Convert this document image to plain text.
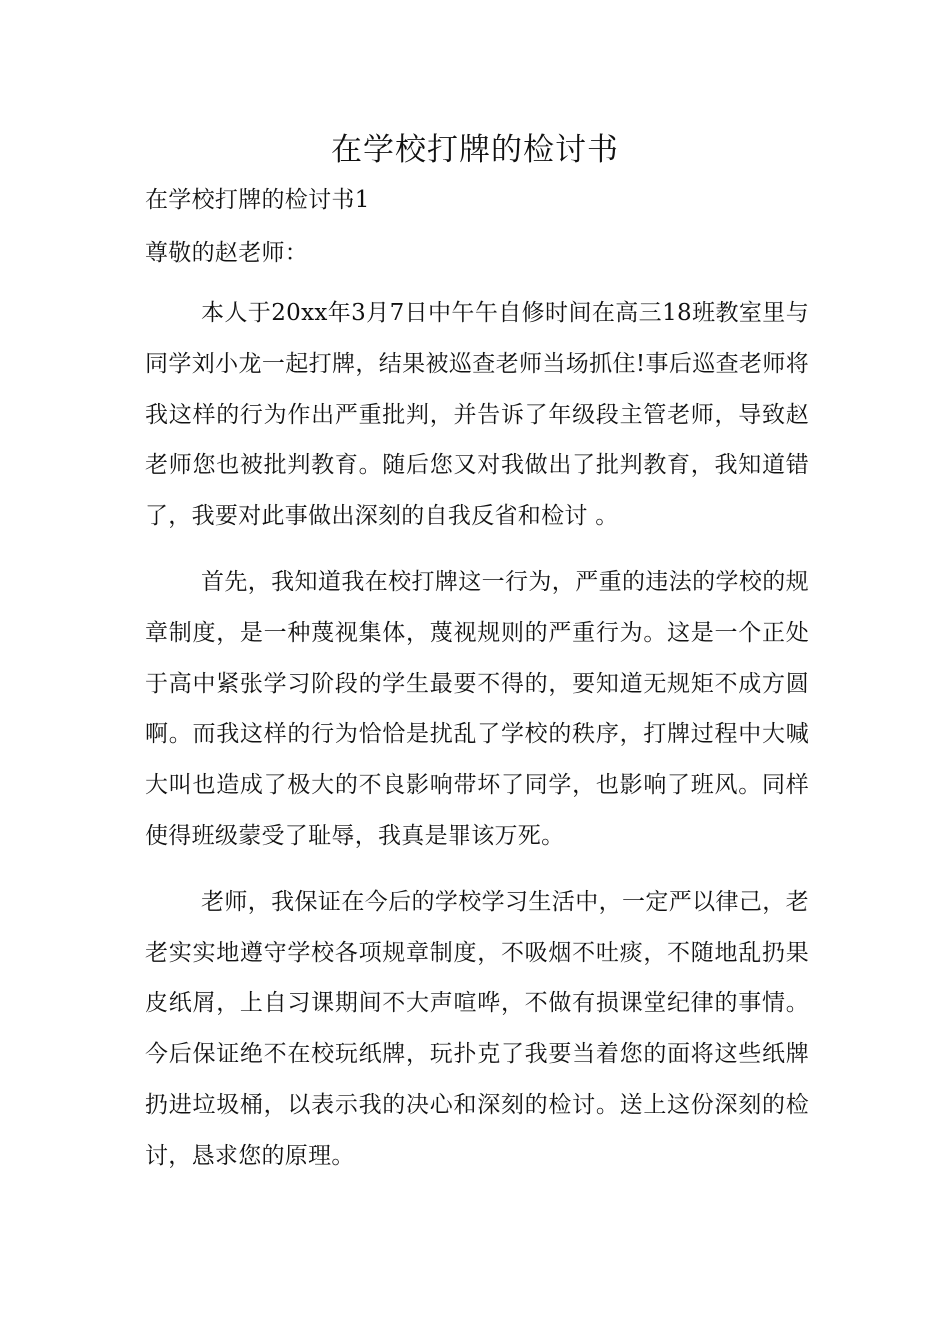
在学校打牌的检讨书

在学校打牌的检讨书1

尊敬的赵老师：

本人于20xx年3月7日中午午自修时间在高三18班教室里与同学刘小龙一起打牌，结果被巡查老师当场抓住!事后巡查老师将我这样的行为作出严重批判，并告诉了年级段主管老师，导致赵老师您也被批判教育。随后您又对我做出了批判教育，我知道错了，我要对此事做出深刻的自我反省和检讨 。

首先，我知道我在校打牌这一行为，严重的违法的学校的规章制度，是一种蔑视集体，蔑视规则的严重行为。这是一个正处于高中紧张学习阶段的学生最要不得的，要知道无规矩不成方圆啊。而我这样的行为恰恰是扰乱了学校的秩序，打牌过程中大喊大叫也造成了极大的不良影响带坏了同学，也影响了班风。同样使得班级蒙受了耻辱，我真是罪该万死。

老师，我保证在今后的学校学习生活中，一定严以律己，老老实实地遵守学校各项规章制度，不吸烟不吐痰，不随地乱扔果皮纸屑，上自习课期间不大声喧哗，不做有损课堂纪律的事情。今后保证绝不在校玩纸牌，玩扑克了我要当着您的面将这些纸牌扔进垃圾桶，以表示我的决心和深刻的检讨。送上这份深刻的检讨，恳求您的原理。
